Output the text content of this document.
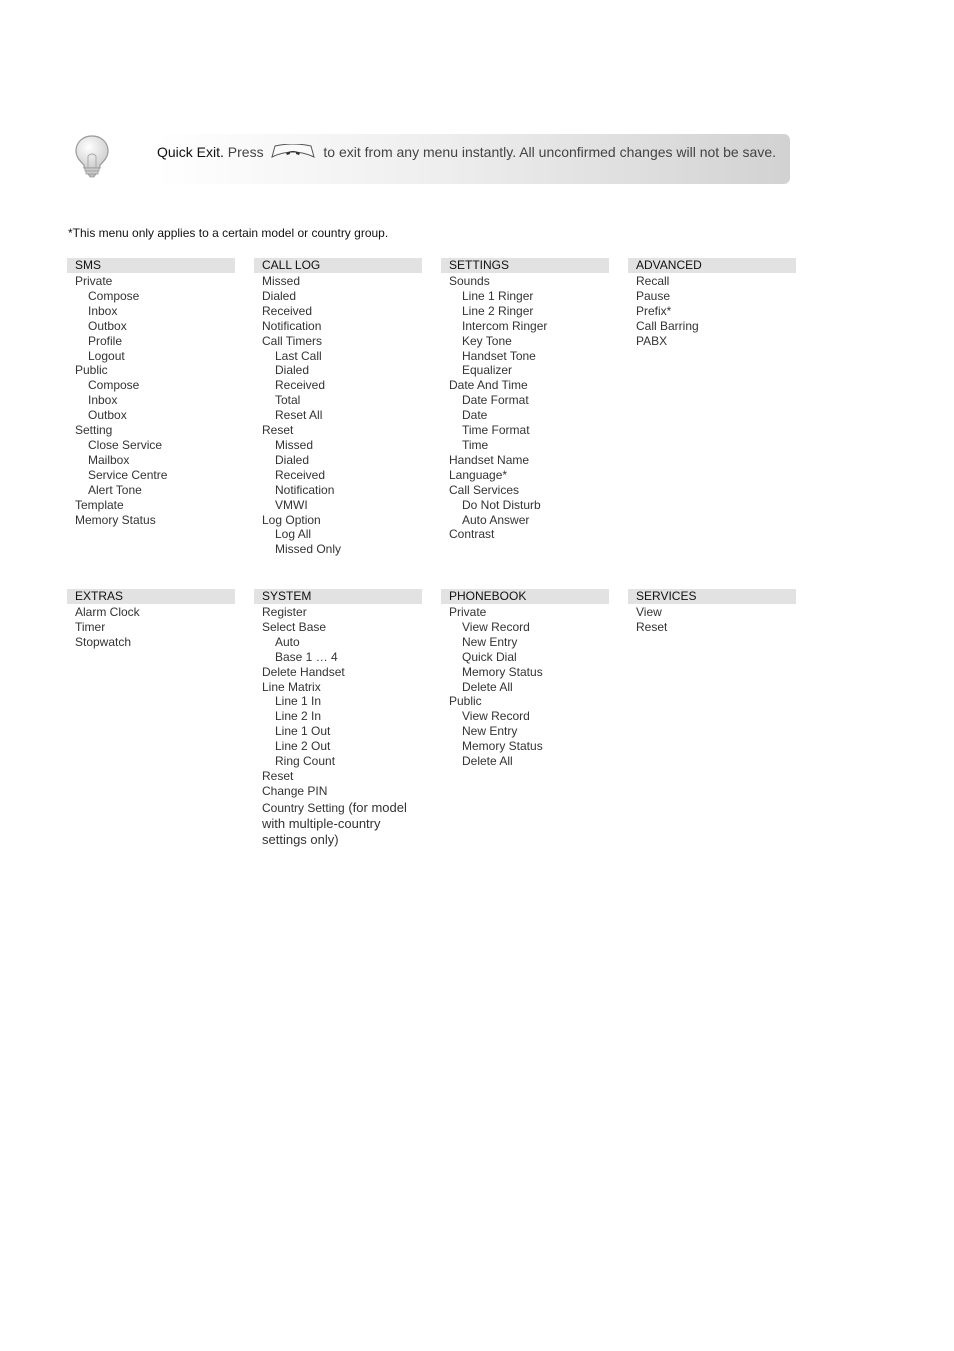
Quick Exit. Press	to exit from any menu instantly. All unconfirmed changes will not be save.
*This menu only applies to a certain model or country group.
SMS
Private
Compose
Inbox
Outbox
Profile
Logout
Public
Compose
Inbox
Outbox
Setting
Close Service
Mailbox
Service Centre
Alert Tone
Template
Memory Status
CALL LOG
Missed
Dialed
Received
Notification
Call Timers
Last Call
Dialed
Received
Total
Reset All
Reset
Missed
Dialed
Received
Notification
VMWI
Log Option
Log All
Missed Only
SETTINGS
Sounds
Line 1 Ringer
Line 2 Ringer
Intercom Ringer
Key Tone
Handset Tone
Equalizer
Date And Time
Date Format
Date
Time Format
Time
Handset Name
Language*
Call Services
Do Not Disturb
Auto Answer
Contrast
ADVANCED
Recall
Pause
Prefix*
Call Barring
PABX
EXTRAS
Alarm Clock
Timer
Stopwatch
SYSTEM
Register
Select Base
Auto
Base 1 … 4
Delete Handset
Line Matrix
Line 1 In
Line 2 In
Line 1 Out
Line 2 Out
Ring Count
Reset
Change PIN
Country Setting (for model with multiple-country settings only)
PHONEBOOK
Private
View Record
New Entry
Quick Dial
Memory Status
Delete All
Public
View Record
New Entry
Memory Status
Delete All
SERVICES
View
Reset
